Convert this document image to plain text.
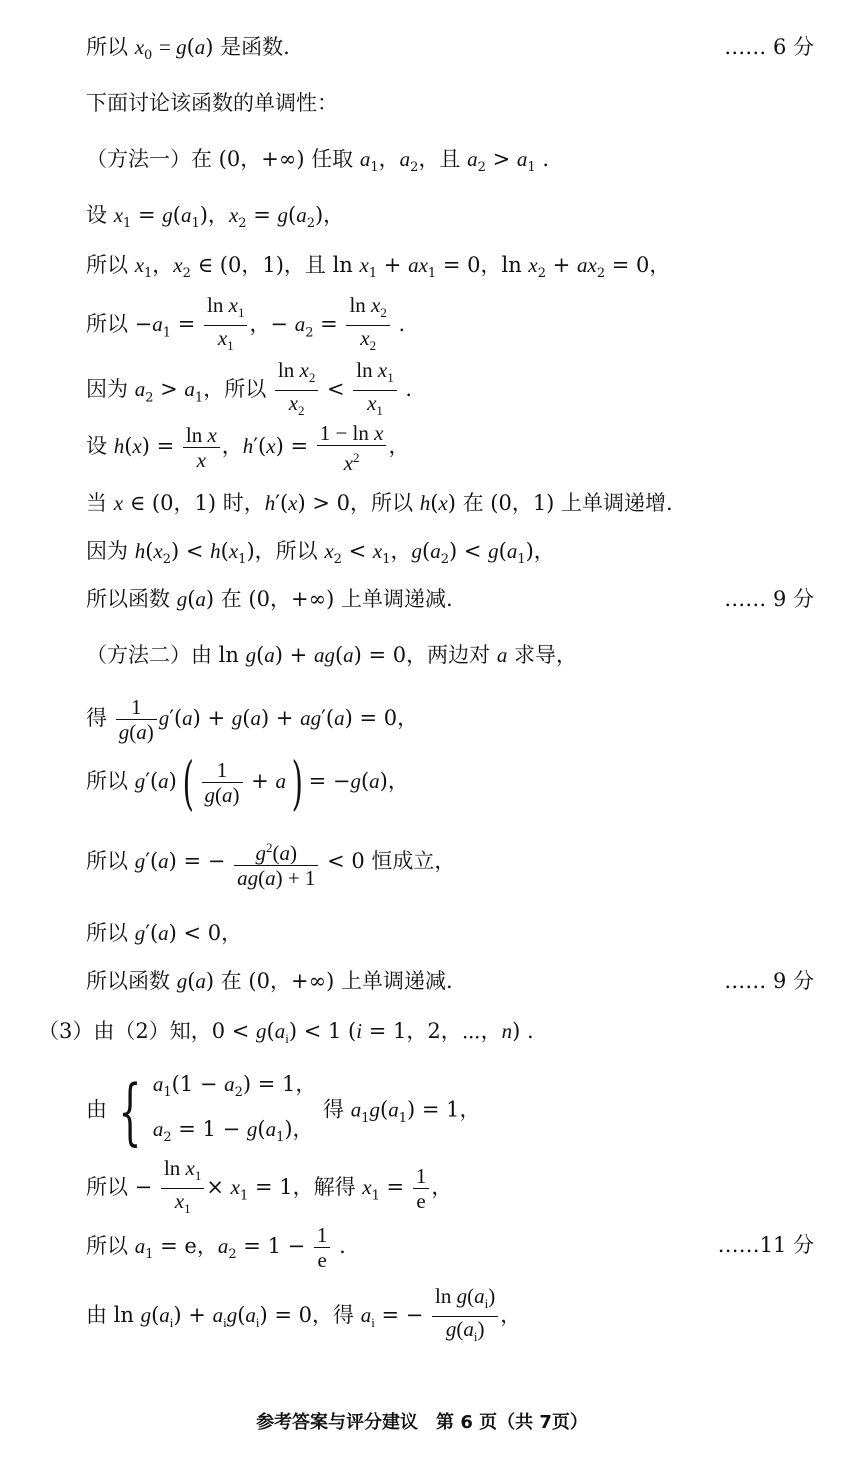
所以 $x_0 = g(a)$ 是函数.	…… 6 分
下面讨论该函数的单调性：
（方法一）在 (0，+∞) 任取 $a_1$，$a_2$，且 $a_2 > a_1$ .
设 $x_1 = g(a_1)$，$x_2 = g(a_2)$，
所以 $x_1$，$x_2$ ∈ (0，1)，且 $\ln x_1 + ax_1 = 0$，$\ln x_2 + ax_2 = 0$，
所以 $-a_1 = \frac{\ln x_1}{x_1}$ ，− $a_2 = \frac{\ln x_2}{x_2}$ .
因为 $a_2 > a_1$，所以 $\frac{\ln x_2}{x_2} < \frac{\ln x_1}{x_1}$ .
设 $h(x) = \frac{\text{ln x}}{x}$ ，$h'(x) = \frac{\text{1 − ln x}}{x^2}$ ，
当 x ∈ (0，1) 时，h′(x) > 0，所以 h(x) 在 (0，1) 上单调递增.
因为 $h(x_2) < h(x_1)$，所以 $x_2 < x_1$，$g(a_2) < g(a_1)$，
所以函数 g(a) 在 (0，+∞) 上单调递减.	…… 9 分
（方法二）由 ln g(a) + ag(a) = 0，两边对 a 求导，
得 $\frac{1}{g(a)} g'(a) + g(a) + ag'(a) = 0$，
所以 $g'(a)( \frac{1}{g(a)} + a) = -g(a)$，
所以 g′(a) = − $\frac{g^2(a)}{ag(a) + 1} < 0$ 恒成立，
所以 g′(a) < 0，
所以函数 g(a) 在 (0，+∞) 上单调递减.	…… 9 分
（3）由（2）知，$0 < g(a_i) < 1$ (i = 1，2，⋯，n) .
由 { $a_1(1 - a_2) = 1$，
$a_2 = 1 - g(a_1)$，
得 $a_1g(a_1) = 1$，
所以 − $\frac{\ln x_1}{x_1} \times x_1 = 1$，解得 $x_1 = \frac{1}{e}$ ，
所以 $a_1 = e$，$a_2 = 1 - \frac{1}{e}$ .	……11 分
由 $\ln g(a_i) + a_ig(a_i) = 0$，得 $a_i$ = − $\frac{\ln g(a_i)}{g(a_i)}$ ，
参考答案与评分建议　第 6 页（共 7页）
